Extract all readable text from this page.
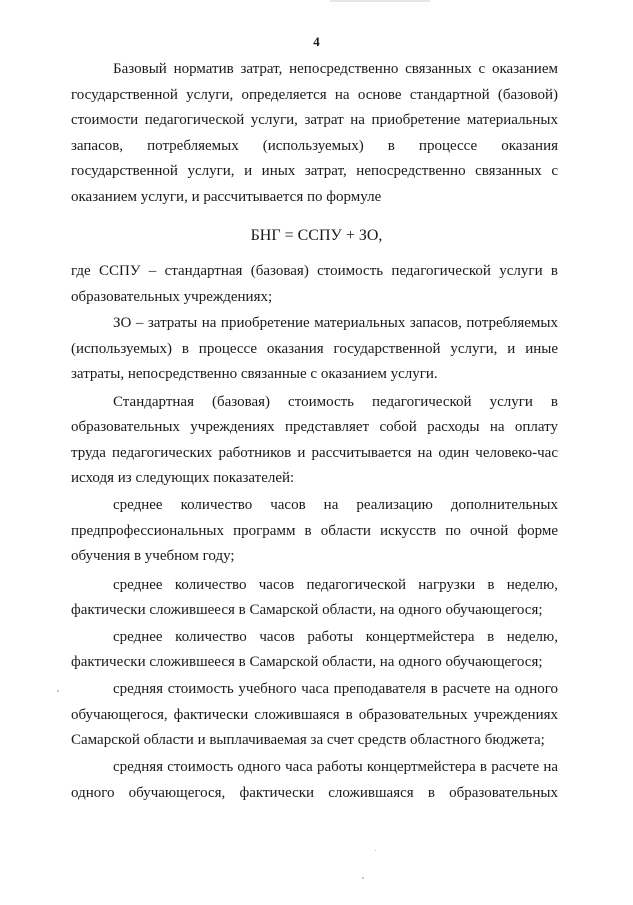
4
Базовый норматив затрат, непосредственно связанных с оказанием
государственной услуги, определяется на основе стандартной (базовой)
стоимости педагогической услуги, затрат на приобретение материальных
запасов, потребляемых (используемых) в процессе оказания
государственной услуги, и иных затрат, непосредственно связанных с
оказанием услуги, и рассчитывается по формуле
БНГ = ССПУ + ЗО,
где ССПУ – стандартная (базовая) стоимость педагогической услуги в
образовательных учреждениях;
ЗО – затраты на приобретение материальных запасов, потребляемых
(используемых) в процессе оказания государственной услуги, и иные
затраты, непосредственно связанные с оказанием услуги.
Стандартная (базовая) стоимость педагогической услуги в
образовательных учреждениях представляет собой расходы на оплату
труда педагогических работников и рассчитывается на один человеко-час
исходя из следующих показателей:
среднее количество часов на реализацию дополнительных
предпрофессиональных программ в области искусств по очной форме
обучения в учебном году;
среднее количество часов педагогической нагрузки в неделю,
фактически сложившееся в Самарской области, на одного обучающегося;
среднее количество часов работы концертмейстера в неделю,
фактически сложившееся в Самарской области, на одного обучающегося;
средняя стоимость учебного часа преподавателя в расчете на одного
обучающегося, фактически сложившаяся в образовательных учреждениях
Самарской области и выплачиваемая за счет средств областного бюджета;
средняя стоимость одного часа работы концертмейстера в расчете на
одного обучающегося, фактически сложившаяся в образовательных
